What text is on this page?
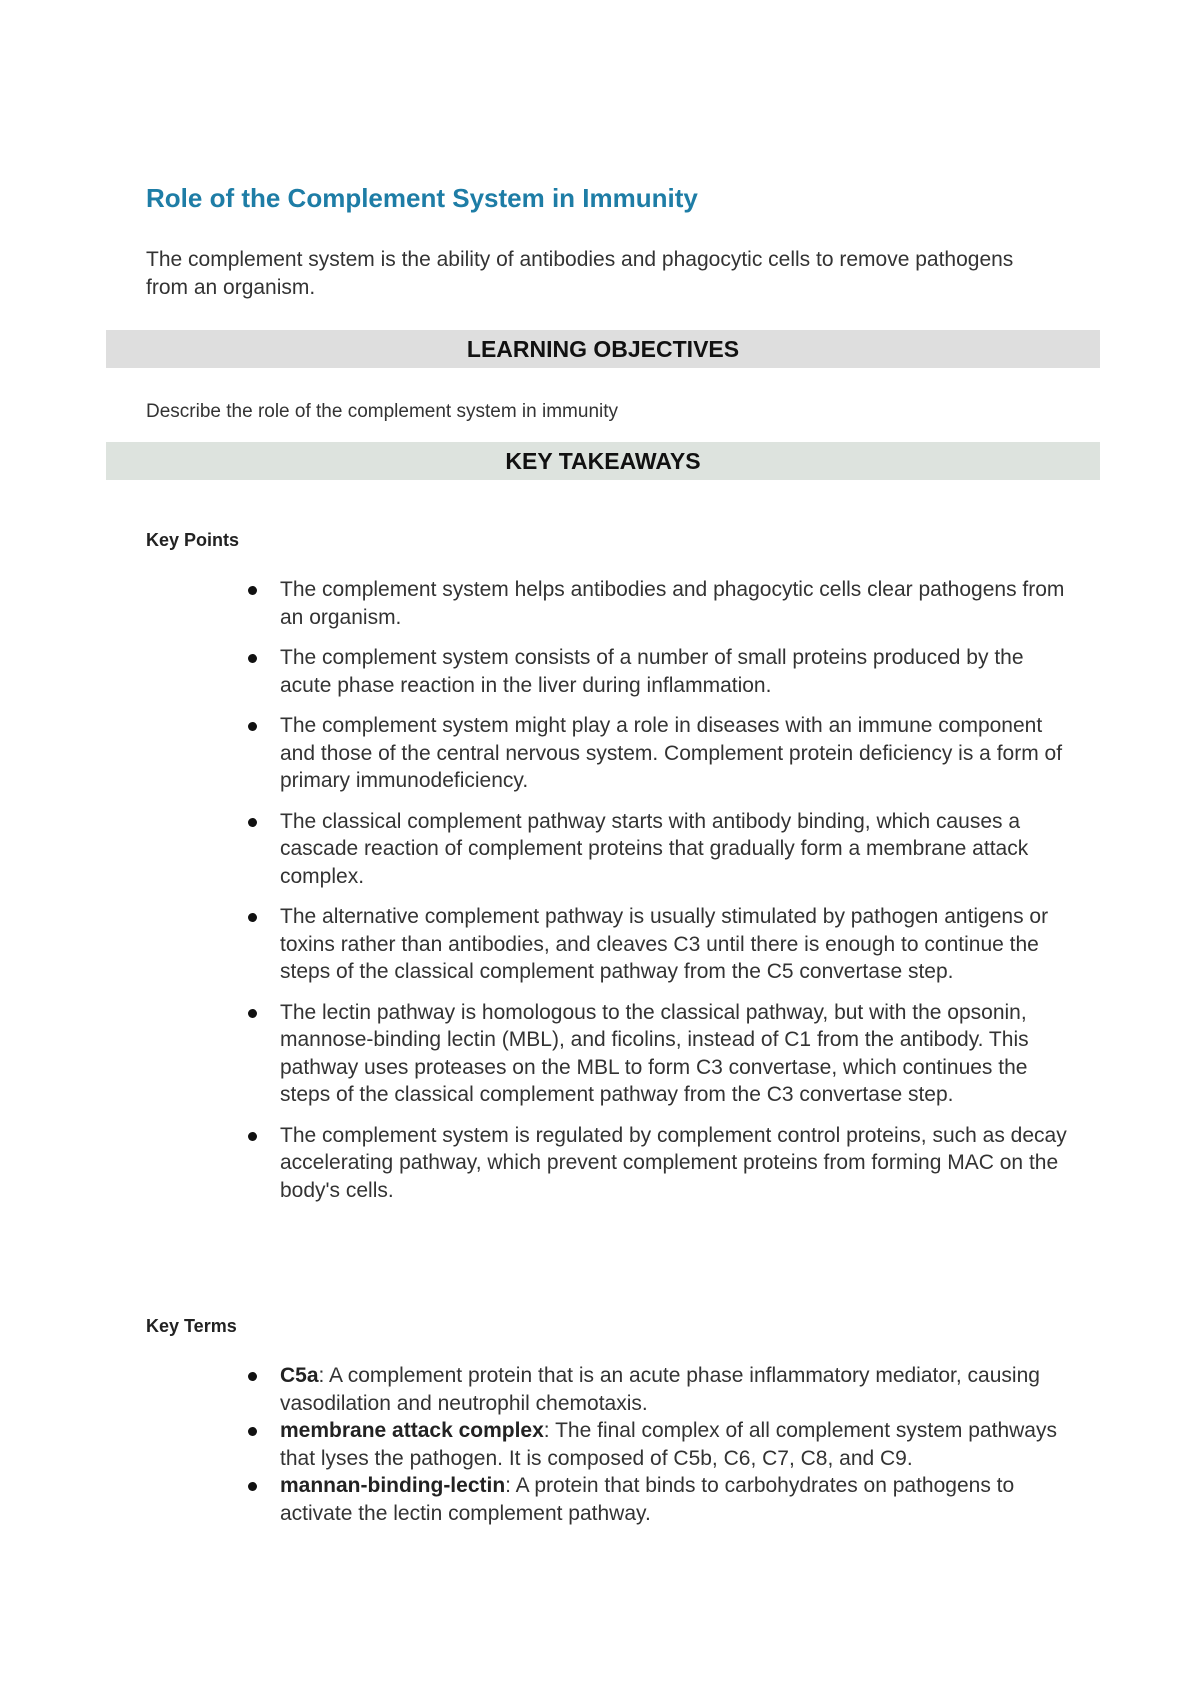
Role of the Complement System in Immunity

The complement system is the ability of antibodies and phagocytic cells to remove pathogens from an organism.

LEARNING OBJECTIVES

Describe the role of the complement system in immunity

KEY TAKEAWAYS

Key Points

The complement system helps antibodies and phagocytic cells clear pathogens from an organism.
The complement system consists of a number of small proteins produced by the acute phase reaction in the liver during inflammation.
The complement system might play a role in diseases with an immune component and those of the central nervous system. Complement protein deficiency is a form of primary immunodeficiency.
The classical complement pathway starts with antibody binding, which causes a cascade reaction of complement proteins that gradually form a membrane attack complex.
The alternative complement pathway is usually stimulated by pathogen antigens or toxins rather than antibodies, and cleaves C3 until there is enough to continue the steps of the classical complement pathway from the C5 convertase step.
The lectin pathway is homologous to the classical pathway, but with the opsonin, mannose-binding lectin (MBL), and ficolins, instead of C1 from the antibody. This pathway uses proteases on the MBL to form C3 convertase, which continues the steps of the classical complement pathway from the C3 convertase step.
The complement system is regulated by complement control proteins, such as decay accelerating pathway, which prevent complement proteins from forming MAC on the body's cells.

Key Terms

C5a: A complement protein that is an acute phase inflammatory mediator, causing vasodilation and neutrophil chemotaxis.
membrane attack complex: The final complex of all complement system pathways that lyses the pathogen. It is composed of C5b, C6, C7, C8, and C9.
mannan-binding-lectin: A protein that binds to carbohydrates on pathogens to activate the lectin complement pathway.
